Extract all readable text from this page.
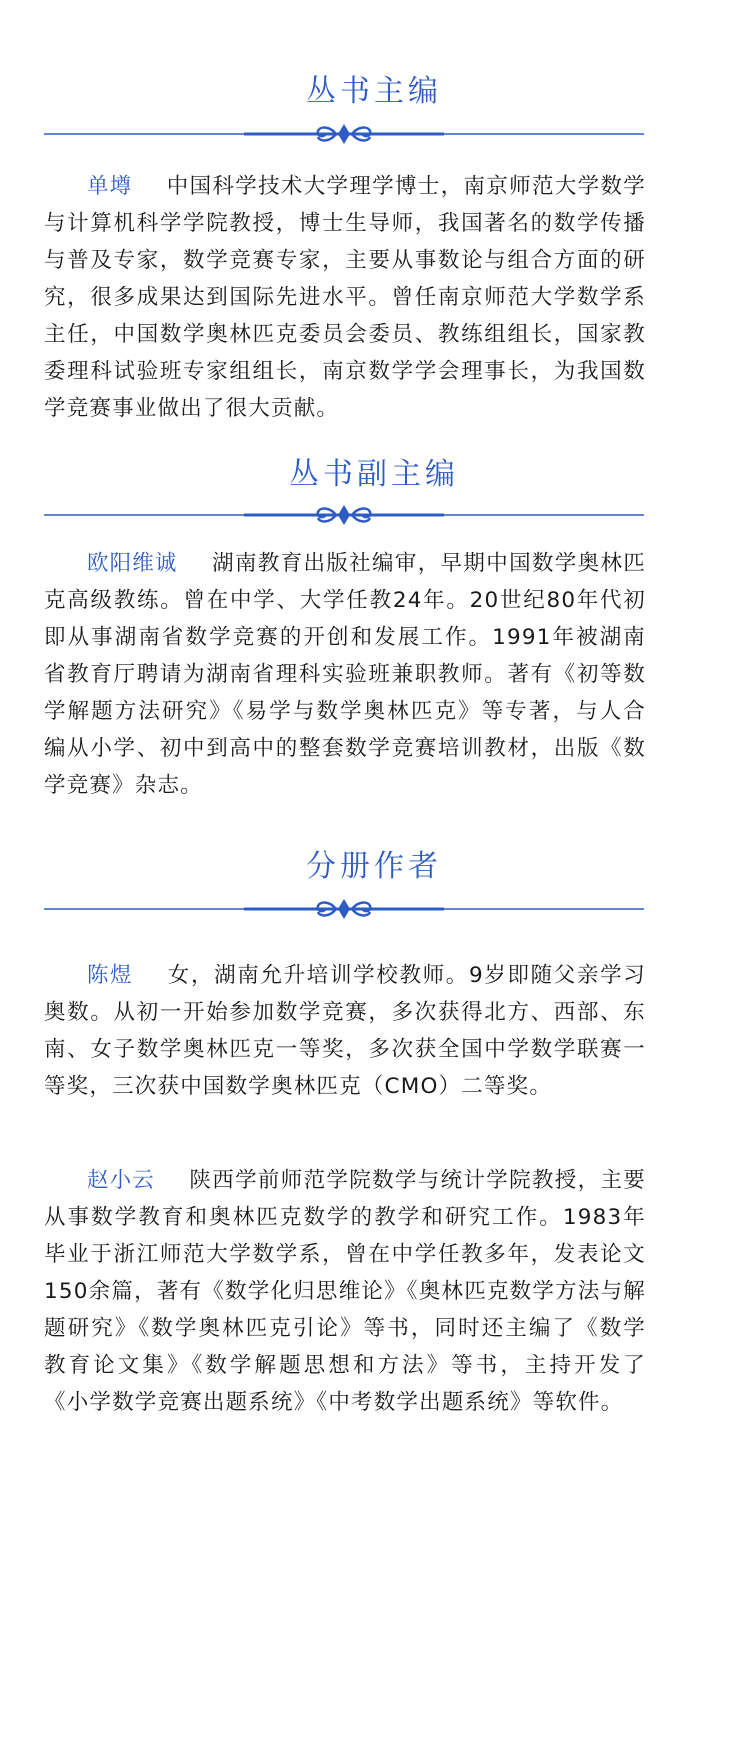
丛书主编

单墫 中国科学技术大学理学博士，南京师范大学数学与计算机科学学院教授，博士生导师，我国著名的数学传播与普及专家，数学竞赛专家，主要从事数论与组合方面的研究，很多成果达到国际先进水平。曾任南京师范大学数学系主任，中国数学奥林匹克委员会委员、教练组组长，国家教委理科试验班专家组组长，南京数学学会理事长，为我国数学竞赛事业做出了很大贡献。

丛书副主编

欧阳维诚 湖南教育出版社编审，早期中国数学奥林匹克高级教练。曾在中学、大学任教24年。20世纪80年代初即从事湖南省数学竞赛的开创和发展工作。1991年被湖南省教育厅聘请为湖南省理科实验班兼职教师。著有《初等数学解题方法研究》《易学与数学奥林匹克》等专著，与人合编从小学、初中到高中的整套数学竞赛培训教材，出版《数学竞赛》杂志。

分册作者

陈煜 女，湖南允升培训学校教师。9岁即随父亲学习奥数。从初一开始参加数学竞赛，多次获得北方、西部、东南、女子数学奥林匹克一等奖，多次获全国中学数学联赛一等奖，三次获中国数学奥林匹克（CMO）二等奖。

赵小云 陕西学前师范学院数学与统计学院教授，主要从事数学教育和奥林匹克数学的教学和研究工作。1983年毕业于浙江师范大学数学系，曾在中学任教多年，发表论文150余篇，著有《数学化归思维论》《奥林匹克数学方法与解题研究》《数学奥林匹克引论》等书，同时还主编了《数学教育论文集》《数学解题思想和方法》等书，主持开发了《小学数学竞赛出题系统》《中考数学出题系统》等软件。
